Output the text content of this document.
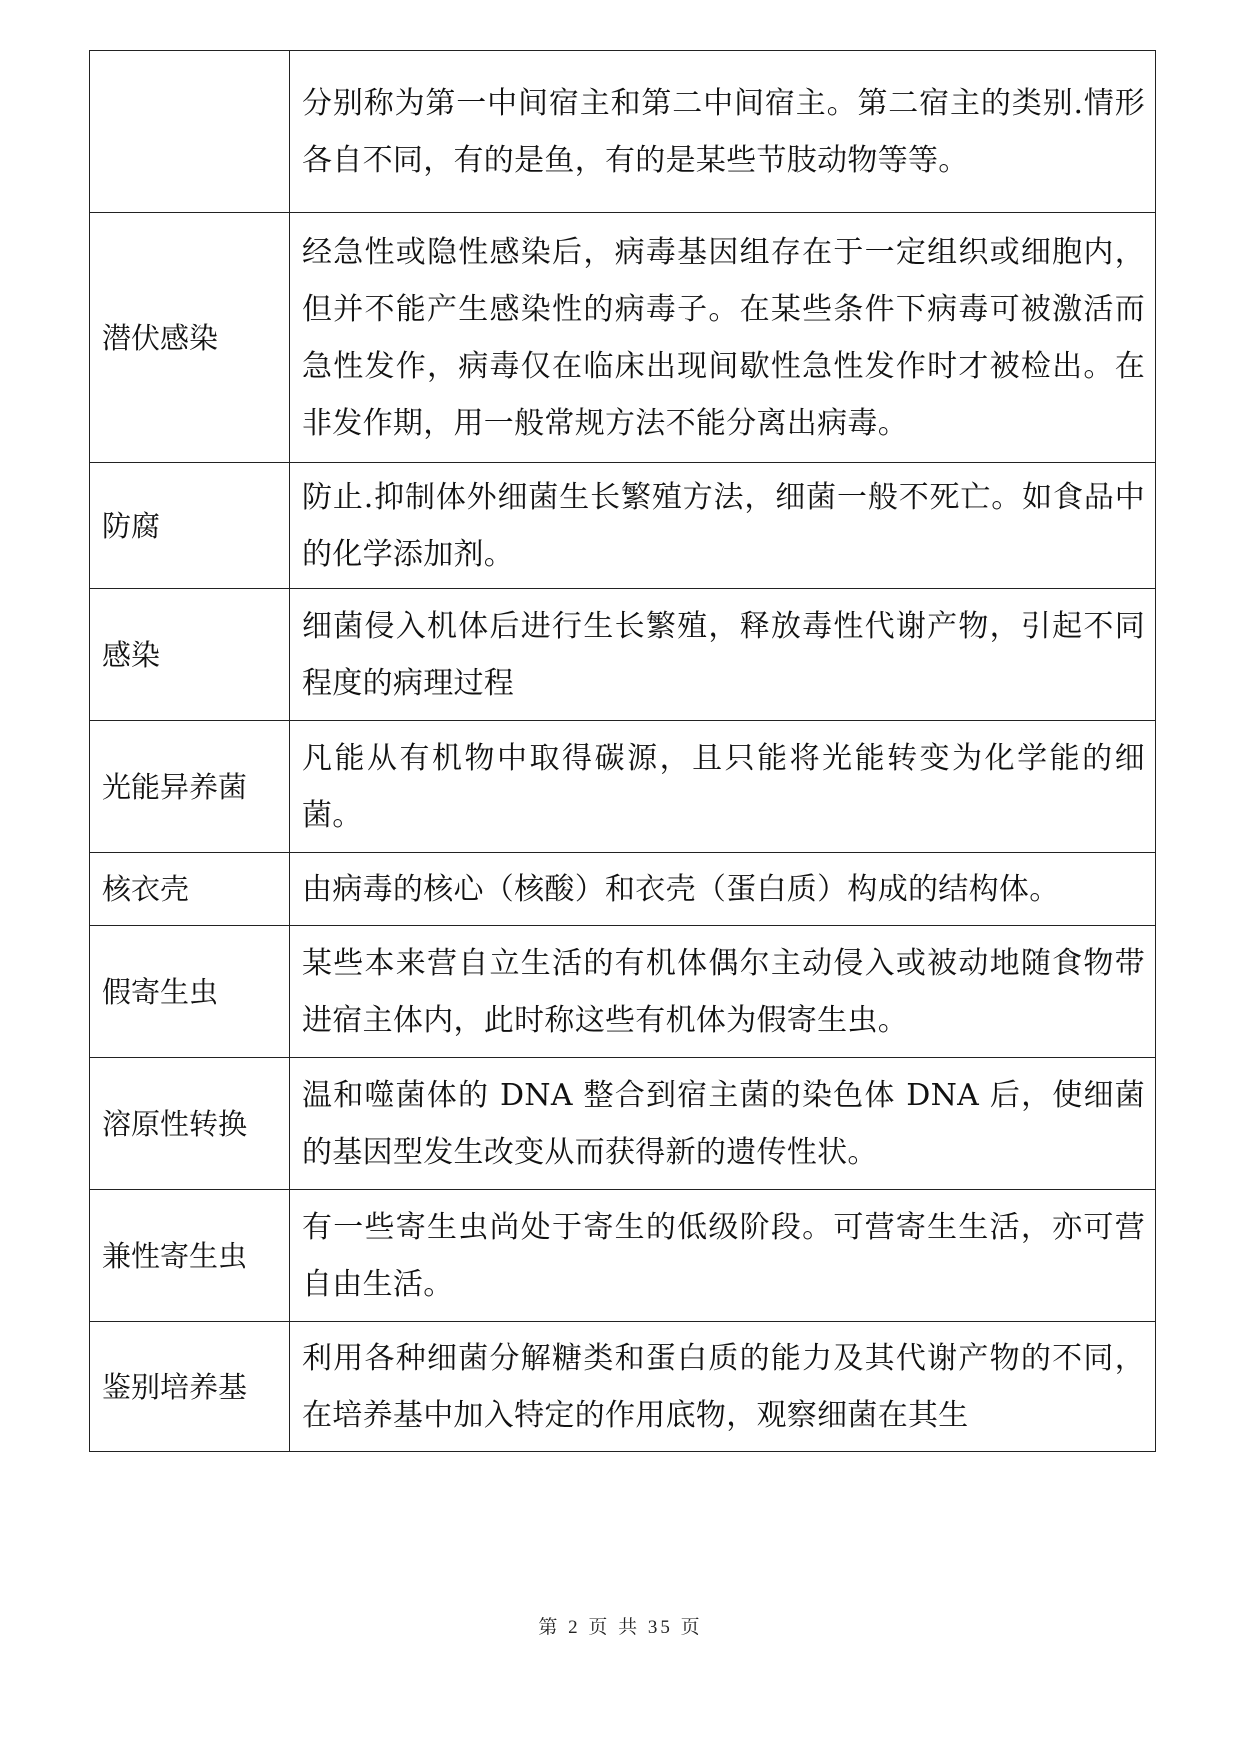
	分别称为第一中间宿主和第二中间宿主。第二宿主的类别.情形各自不同，有的是鱼，有的是某些节肢动物等等。
潜伏感染	经急性或隐性感染后，病毒基因组存在于一定组织或细胞内，但并不能产生感染性的病毒子。在某些条件下病毒可被激活而急性发作，病毒仅在临床出现间歇性急性发作时才被检出。在非发作期，用一般常规方法不能分离出病毒。
防腐	防止.抑制体外细菌生长繁殖方法，细菌一般不死亡。如食品中的化学添加剂。
感染	细菌侵入机体后进行生长繁殖，释放毒性代谢产物，引起不同程度的病理过程
光能异养菌	凡能从有机物中取得碳源，且只能将光能转变为化学能的细菌。
核衣壳	由病毒的核心（核酸）和衣壳（蛋白质）构成的结构体。
假寄生虫	某些本来营自立生活的有机体偶尔主动侵入或被动地随食物带进宿主体内，此时称这些有机体为假寄生虫。
溶原性转换	温和噬菌体的 DNA 整合到宿主菌的染色体 DNA 后，使细菌的基因型发生改变从而获得新的遗传性状。
兼性寄生虫	有一些寄生虫尚处于寄生的低级阶段。可营寄生生活，亦可营自由生活。
鉴别培养基	利用各种细菌分解糖类和蛋白质的能力及其代谢产物的不同，在培养基中加入特定的作用底物，观察细菌在其生
第 2 页 共 35 页
